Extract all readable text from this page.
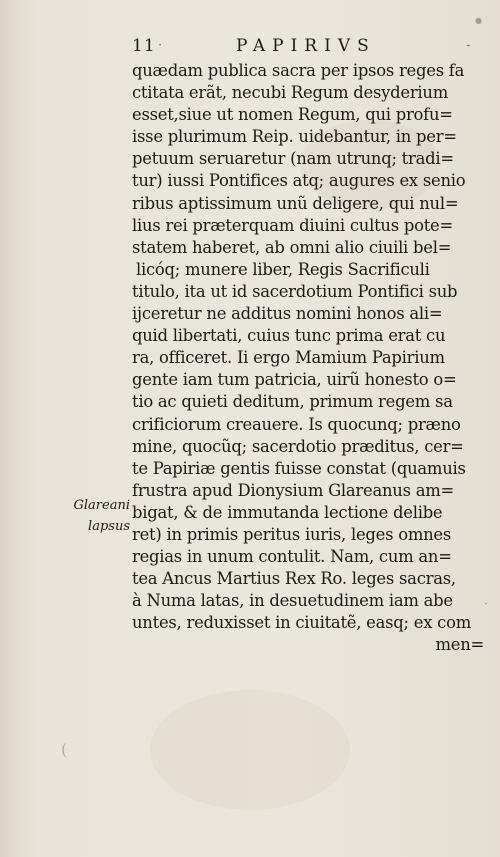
11 ·	PAPIRIVS	-
quædam publica sacra per ipsos reges fa
ctitata erãt, necubi Regum desyderium
esset,siue ut nomen Regum, qui profu=
isse plurimum Reip. uidebantur, in per=
petuum seruaretur (nam utrunq; tradi=
tur) iussi Pontifices atq; augures ex senio
ribus aptissimum unũ deligere, qui nul=
lius rei præterquam diuini cultus pote=
statem haberet, ab omni alio ciuili bel=
licóq; munere liber, Regis Sacrificuli
titulo, ita ut id sacerdotium Pontifici sub
ijceretur ne additus nomini honos ali=
quid libertati, cuius tunc prima erat cu
ra, officeret. Ii ergo Mamium Papirium
gente iam tum patricia, uirũ honesto o=
tio ac quieti deditum, primum regem sa
crificiorum creauere. Is quocunq; præno
mine, quocũq; sacerdotio præditus, cer=
te Papiriæ gentis fuisse constat (quamuis
frustra apud Dionysium Glareanus am=
bigat, & de immutanda lectione delibe
ret) in primis peritus iuris, leges omnes
regias in unum contulit. Nam, cum an=
tea Ancus Martius Rex Ro. leges sacras,
à Numa latas, in desuetudinem iam abe
untes, reduxisset in ciuitatẽ, easq; ex com
men=
Glareani
lapsus
·
(
●
